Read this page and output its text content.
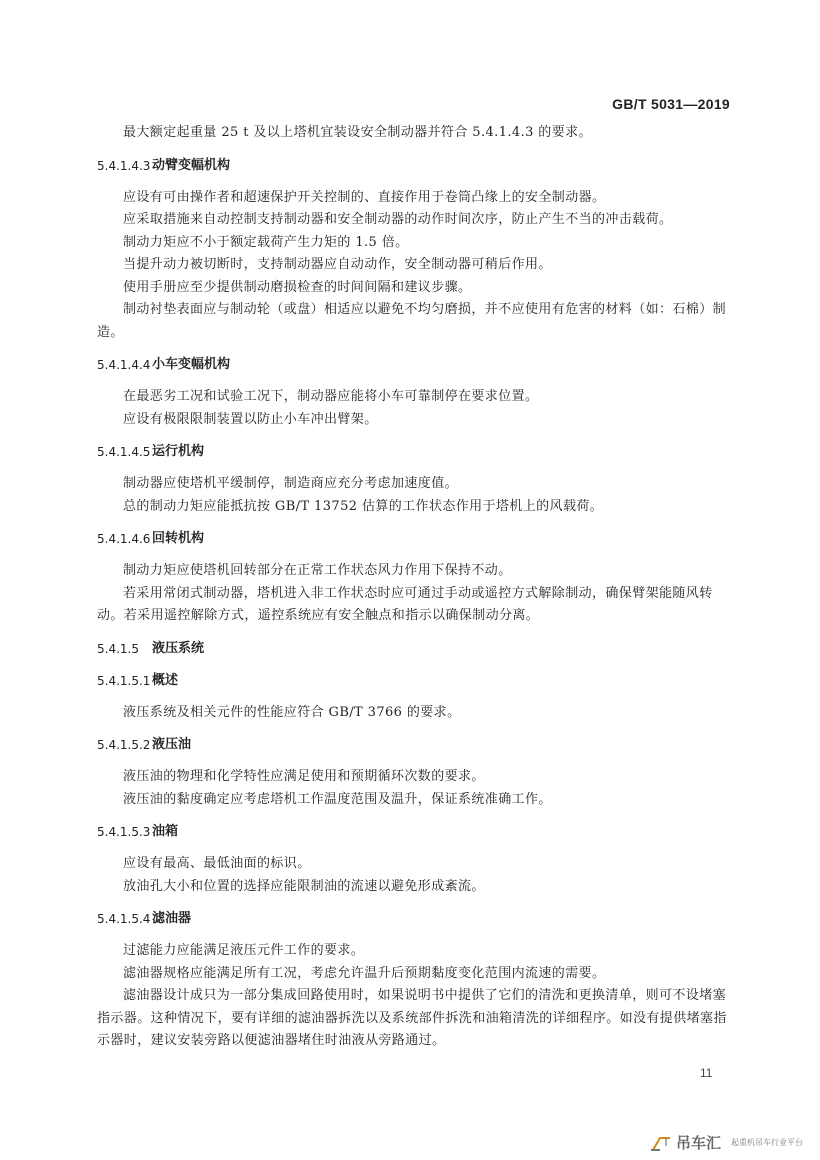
GB/T 5031—2019

最大额定起重量 25 t 及以上塔机宜装设安全制动器并符合 5.4.1.4.3 的要求。

5.4.1.4.3 动臂变幅机构

应设有可由操作者和超速保护开关控制的、直接作用于卷筒凸缘上的安全制动器。

应采取措施来自动控制支持制动器和安全制动器的动作时间次序，防止产生不当的冲击载荷。

制动力矩应不小于额定载荷产生力矩的 1.5 倍。

当提升动力被切断时，支持制动器应自动动作，安全制动器可稍后作用。

使用手册应至少提供制动磨损检查的时间间隔和建议步骤。

制动衬垫表面应与制动轮（或盘）相适应以避免不均匀磨损，并不应使用有危害的材料（如：石棉）制造。

5.4.1.4.4 小车变幅机构

在最恶劣工况和试验工况下，制动器应能将小车可靠制停在要求位置。

应设有极限限制装置以防止小车冲出臂架。

5.4.1.4.5 运行机构

制动器应使塔机平缓制停，制造商应充分考虑加速度值。

总的制动力矩应能抵抗按 GB/T 13752 估算的工作状态作用于塔机上的风载荷。

5.4.1.4.6 回转机构

制动力矩应使塔机回转部分在正常工作状态风力作用下保持不动。

若采用常闭式制动器，塔机进入非工作状态时应可通过手动或遥控方式解除制动，确保臂架能随风转动。若采用遥控解除方式，遥控系统应有安全触点和指示以确保制动分离。

5.4.1.5	液压系统
5.4.1.5.1 概述

液压系统及相关元件的性能应符合 GB/T 3766 的要求。

5.4.1.5.2 液压油

液压油的物理和化学特性应满足使用和预期循环次数的要求。

液压油的黏度确定应考虑塔机工作温度范围及温升，保证系统准确工作。

5.4.1.5.3 油箱

应设有最高、最低油面的标识。

放油孔大小和位置的选择应能限制油的流速以避免形成紊流。

5.4.1.5.4 滤油器

过滤能力应能满足液压元件工作的要求。

滤油器规格应能满足所有工况，考虑允许温升后预期黏度变化范围内流速的需要。

滤油器设计成只为一部分集成回路使用时，如果说明书中提供了它们的清洗和更换清单，则可不设堵塞指示器。这种情况下，要有详细的滤油器拆洗以及系统部件拆洗和油箱清洗的详细程序。如没有提供堵塞指示器时，建议安装旁路以便滤油器堵住时油液从旁路通过。

11
吊车汇 起重机吊车行业平台
